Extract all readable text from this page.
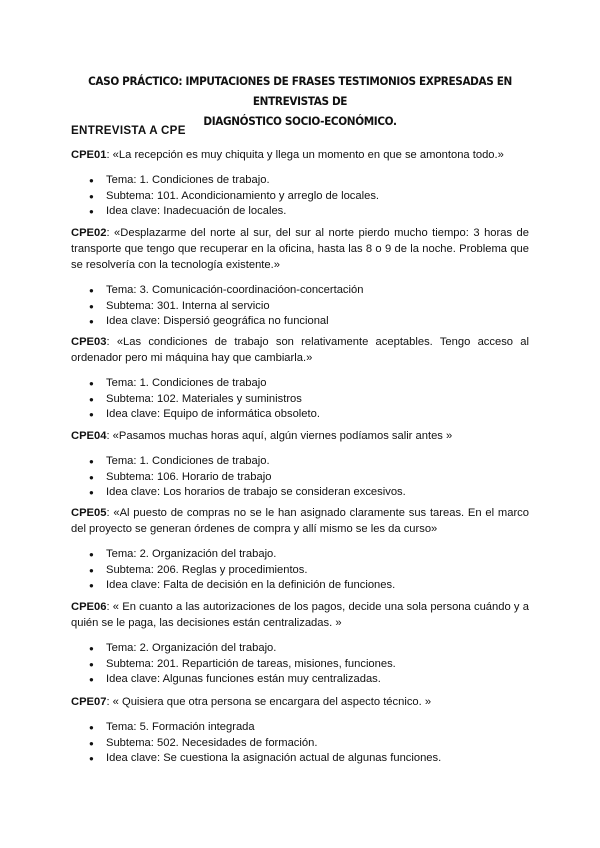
CASO PRÁCTICO: IMPUTACIONES DE FRASES TESTIMONIOS EXPRESADAS EN ENTREVISTAS DE
DIAGNÓSTICO SOCIO-ECONÓMICO.
ENTREVISTA A CPE

CPE01: «La recepción es muy chiquita y llega un momento en que se amontona todo.»

● Tema: 1. Condiciones de trabajo.
● Subtema: 101. Acondicionamiento y arreglo de locales.
● Idea clave: Inadecuación de locales.

CPE02: «Desplazarme del norte al sur, del sur al norte pierdo mucho tiempo: 3 horas de transporte que tengo que recuperar en la oficina, hasta las 8 o 9 de la noche. Problema que se resolvería con la tecnología existente.»

● Tema: 3. Comunicación-coordinacióon-concertación
● Subtema: 301. Interna al servicio
● Idea clave: Dispersió geográfica no funcional

CPE03: «Las condiciones de trabajo son relativamente aceptables. Tengo acceso al ordenador pero mi máquina hay que cambiarla.»

● Tema: 1. Condiciones de trabajo
● Subtema: 102. Materiales y suministros
● Idea clave: Equipo de informática obsoleto.

CPE04: «Pasamos muchas horas aquí, algún viernes podíamos salir antes »

● Tema: 1. Condiciones de trabajo.
● Subtema: 106. Horario de trabajo
● Idea clave: Los horarios de trabajo se consideran excesivos.

CPE05: «Al puesto de compras no se le han asignado claramente sus tareas. En el marco del proyecto se generan órdenes de compra y allí mismo se les da curso»

● Tema: 2. Organización del trabajo.
● Subtema: 206. Reglas y procedimientos.
● Idea clave: Falta de decisión en la definición de funciones.

CPE06: « En cuanto a las autorizaciones de los pagos, decide una sola persona cuándo y a quién se le paga, las decisiones están centralizadas. »

● Tema: 2. Organización del trabajo.
● Subtema: 201. Repartición de tareas, misiones, funciones.
● Idea clave: Algunas funciones están muy centralizadas.

CPE07: « Quisiera que otra persona se encargara del aspecto técnico. »

● Tema: 5. Formación integrada
● Subtema: 502. Necesidades de formación.
● Idea clave: Se cuestiona la asignación actual de algunas funciones.
